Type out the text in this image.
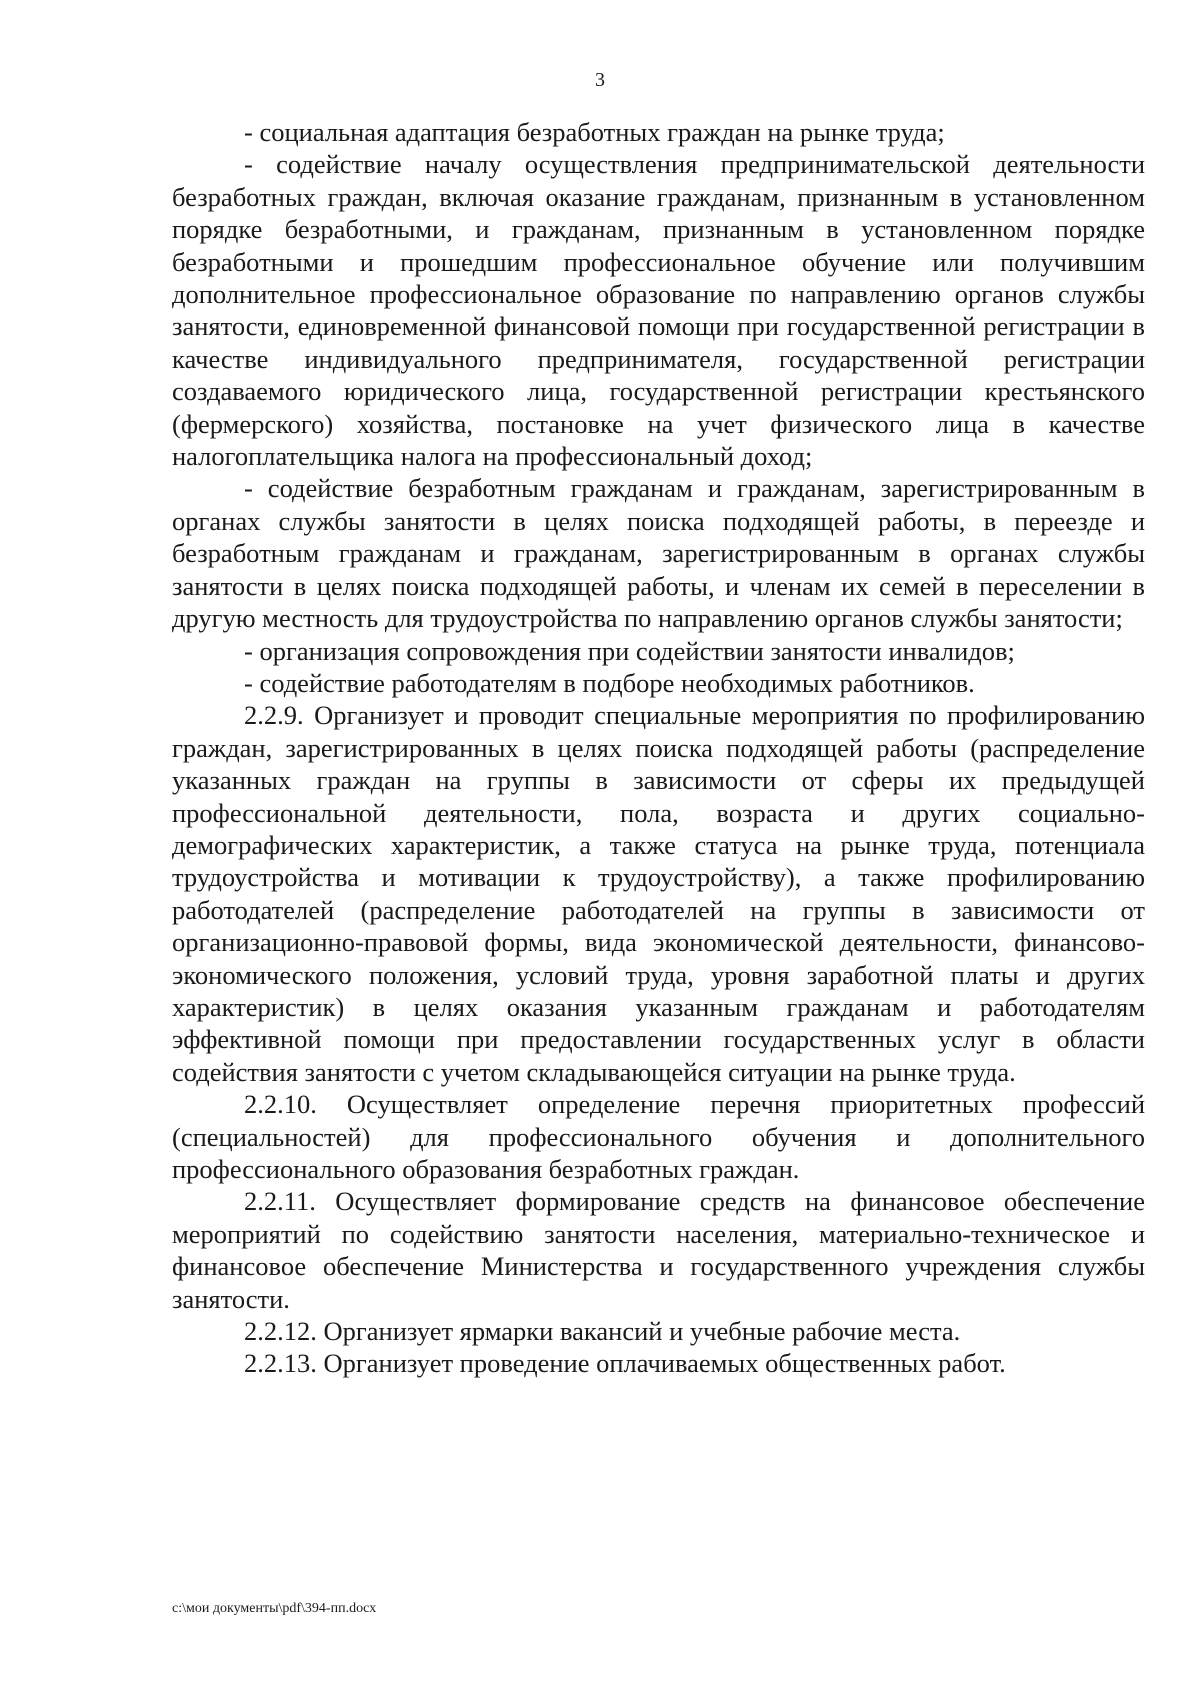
3

- социальная адаптация безработных граждан на рынке труда;

- содействие началу осуществления предпринимательской деятельности безработных граждан, включая оказание гражданам, признанным в установленном порядке безработными, и гражданам, признанным в установленном порядке безработными и прошедшим профессиональное обучение или получившим дополнительное профессиональное образование по направлению органов службы занятости, единовременной финансовой помощи при государственной регистрации в качестве индивидуального предпринимателя, государственной регистрации создаваемого юридического лица, государственной регистрации крестьянского (фермерского) хозяйства, постановке на учет физического лица в качестве налогоплательщика налога на профессиональный доход;

- содействие безработным гражданам и гражданам, зарегистрированным в органах службы занятости в целях поиска подходящей работы, в переезде и безработным гражданам и гражданам, зарегистрированным в органах службы занятости в целях поиска подходящей работы, и членам их семей в переселении в другую местность для трудоустройства по направлению органов службы занятости;

- организация сопровождения при содействии занятости инвалидов;

- содействие работодателям в подборе необходимых работников.

2.2.9. Организует и проводит специальные мероприятия по профилированию граждан, зарегистрированных в целях поиска подходящей работы (распределение указанных граждан на группы в зависимости от сферы их предыдущей профессиональной деятельности, пола, возраста и других социально-демографических характеристик, а также статуса на рынке труда, потенциала трудоустройства и мотивации к трудоустройству), а также профилированию работодателей (распределение работодателей на группы в зависимости от организационно-правовой формы, вида экономической деятельности, финансово-экономического положения, условий труда, уровня заработной платы и других характеристик) в целях оказания указанным гражданам и работодателям эффективной помощи при предоставлении государственных услуг в области содействия занятости с учетом складывающейся ситуации на рынке труда.

2.2.10. Осуществляет определение перечня приоритетных профессий (специальностей) для профессионального обучения и дополнительного профессионального образования безработных граждан.

2.2.11. Осуществляет формирование средств на финансовое обеспечение мероприятий по содействию занятости населения, материально-техническое и финансовое обеспечение Министерства и государственного учреждения службы занятости.

2.2.12. Организует ярмарки вакансий и учебные рабочие места.

2.2.13. Организует проведение оплачиваемых общественных работ.

c:\мои документы\pdf\394-пп.docx
